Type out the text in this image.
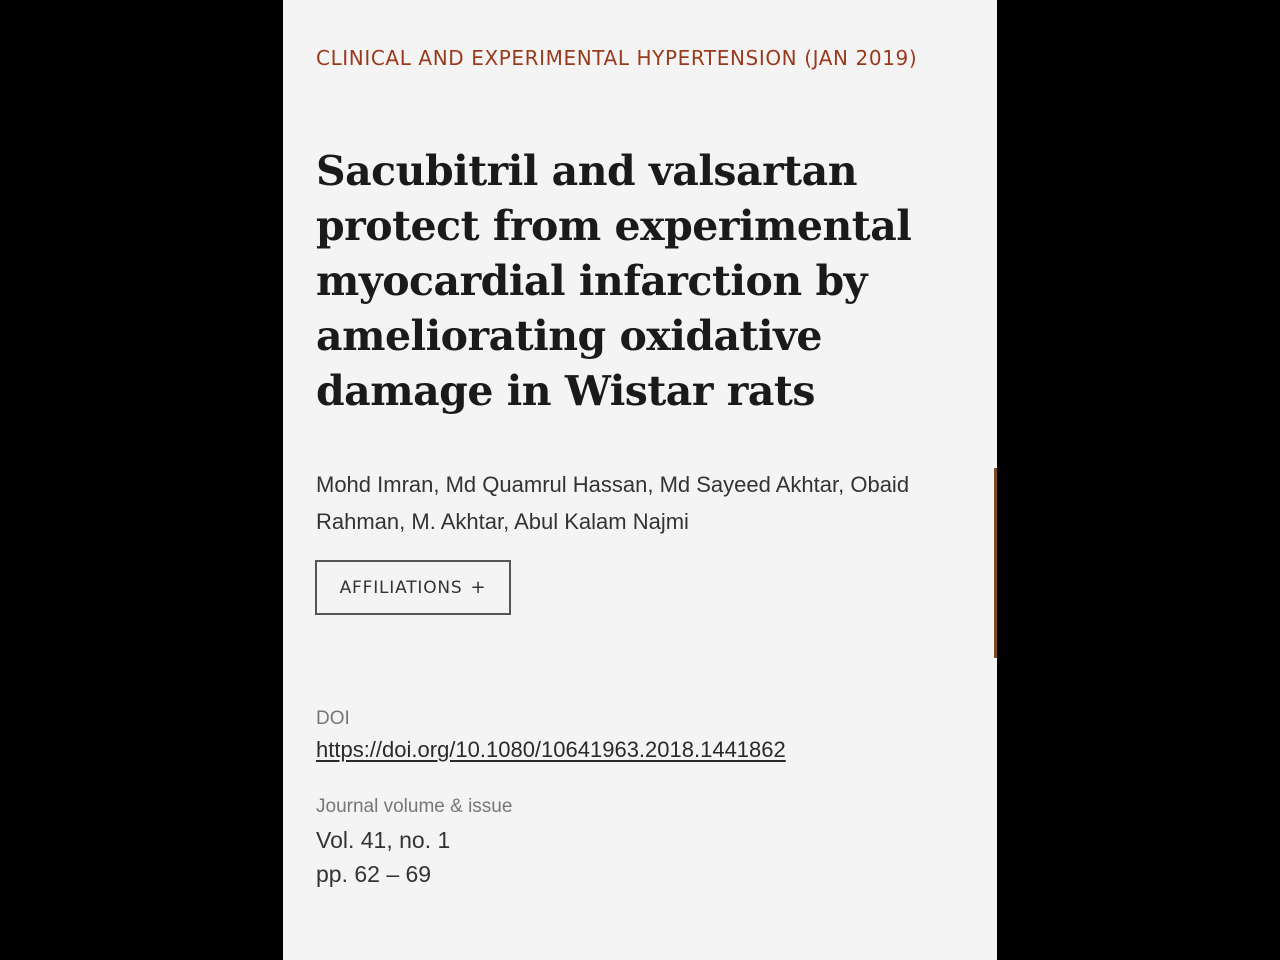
CLINICAL AND EXPERIMENTAL HYPERTENSION (JAN 2019)
Sacubitril and valsartan protect from experimental myocardial infarction by ameliorating oxidative damage in Wistar rats
Mohd Imran, Md Quamrul Hassan, Md Sayeed Akhtar, Obaid Rahman, M. Akhtar, Abul Kalam Najmi
AFFILIATIONS +
DOI
https://doi.org/10.1080/10641963.2018.1441862
Journal volume & issue
Vol. 41, no. 1
pp. 62 – 69
